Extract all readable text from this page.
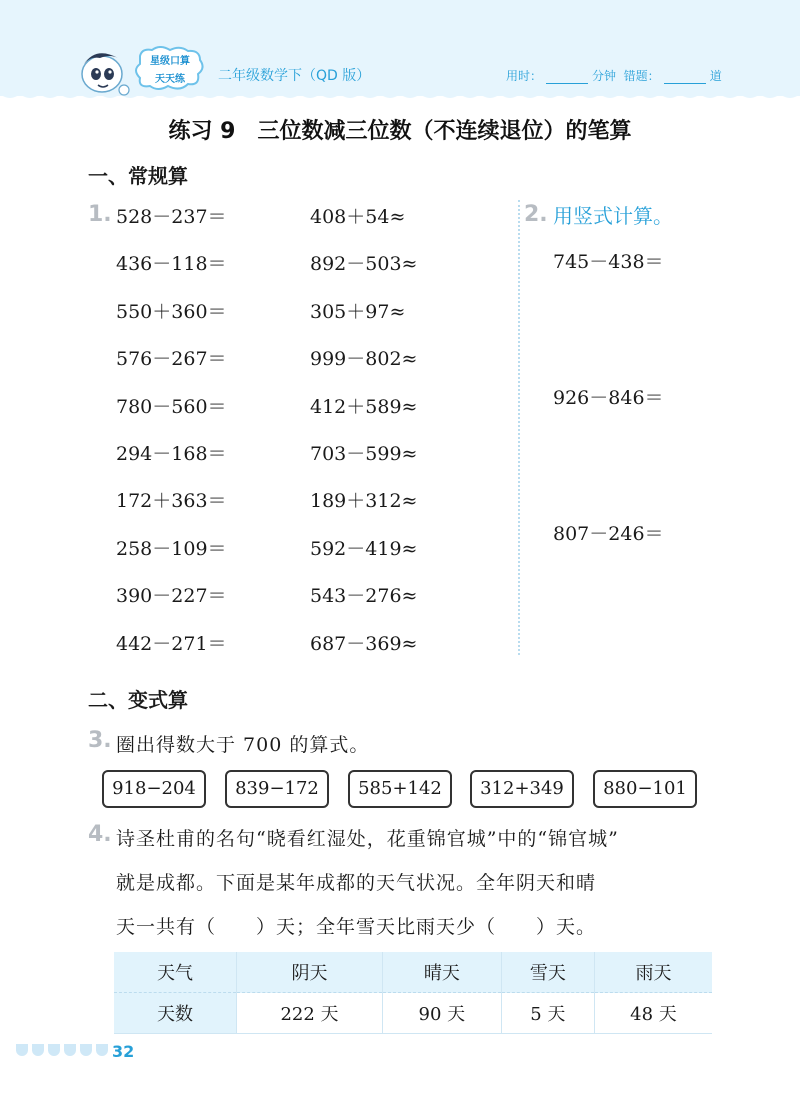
星级口算
天天练	二年级数学下（QD 版）	用时：	分钟 错题：	道
练习 9　三位数减三位数（不连续退位）的笔算
一、常规算
1. 528－237＝
436－118＝
550＋360＝
576－267＝
780－560＝
294－168＝
172＋363＝
258－109＝
390－227＝
442－271＝
408＋54≈
892－503≈
305＋97≈
999－802≈
412＋589≈
703－599≈
189＋312≈
592－419≈
543－276≈
687－369≈
2. 用竖式计算。
745－438＝
926－846＝
807－246＝
二、变式算
3. 圈出得数大于 700 的算式。
918−204	839−172	585+142	312+349	880−101
4. 诗圣杜甫的名句“晓看红湿处，花重锦官城”中的“锦官城”
就是成都。下面是某年成都的天气状况。全年阴天和晴
天一共有（　　）天；全年雪天比雨天少（　　）天。
天气	阴天	晴天	雪天	雨天
天数	222 天	90 天	5 天	48 天
32
